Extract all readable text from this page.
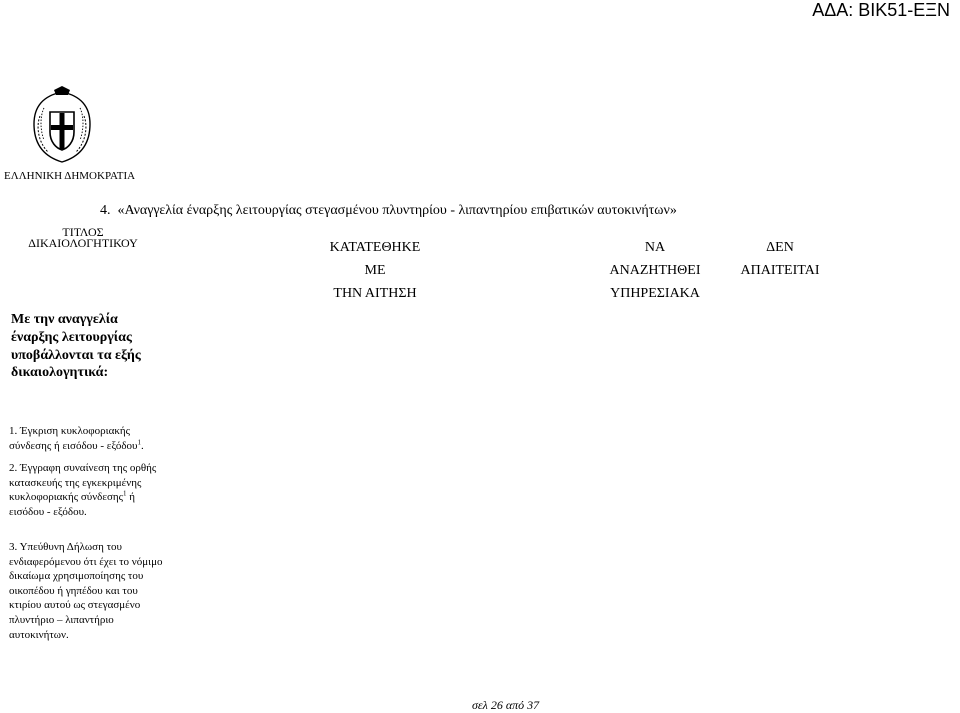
ΑΔΑ: ΒΙΚ51-ΕΞΝ
ΕΛΛΗΝΙΚΗ ΔΗΜΟΚΡΑΤΙΑ
4.  «Αναγγελία έναρξης λειτουργίας στεγασμένου πλυντηρίου - λιπαντηρίου επιβατικών αυτοκινήτων»
ΤΙΤΛΟΣ
ΔΙΚΑΙΟΛΟΓΗΤΙΚΟΥ	ΚΑΤΑΤΕΘΗΚΕ
ΜΕ
ΤΗΝ ΑΙΤΗΣΗ
ΝΑ
ΑΝΑΖΗΤΗΘΕΙ
ΥΠΗΡΕΣΙΑΚΑ
ΔΕΝ
ΑΠΑΙΤΕΙΤΑΙ
Με την αναγγελία έναρξης λειτουργίας υποβάλλονται τα εξής δικαιολογητικά:
1. Έγκριση κυκλοφοριακής σύνδεσης ή εισόδου - εξόδου$^1$.
2. Έγγραφη συναίνεση της ορθής κατασκευής της εγκεκριμένης κυκλοφοριακής σύνδεσης$^1$ ή εισόδου - εξόδου.
3. Υπεύθυνη Δήλωση του ενδιαφερόμενου ότι έχει το νόμιμο δικαίωμα χρησιμοποίησης του οικοπέδου ή γηπέδου και του κτιρίου αυτού ως στεγασμένο πλυντήριο – λιπαντήριο αυτοκινήτων.
σελ 26 από 37
